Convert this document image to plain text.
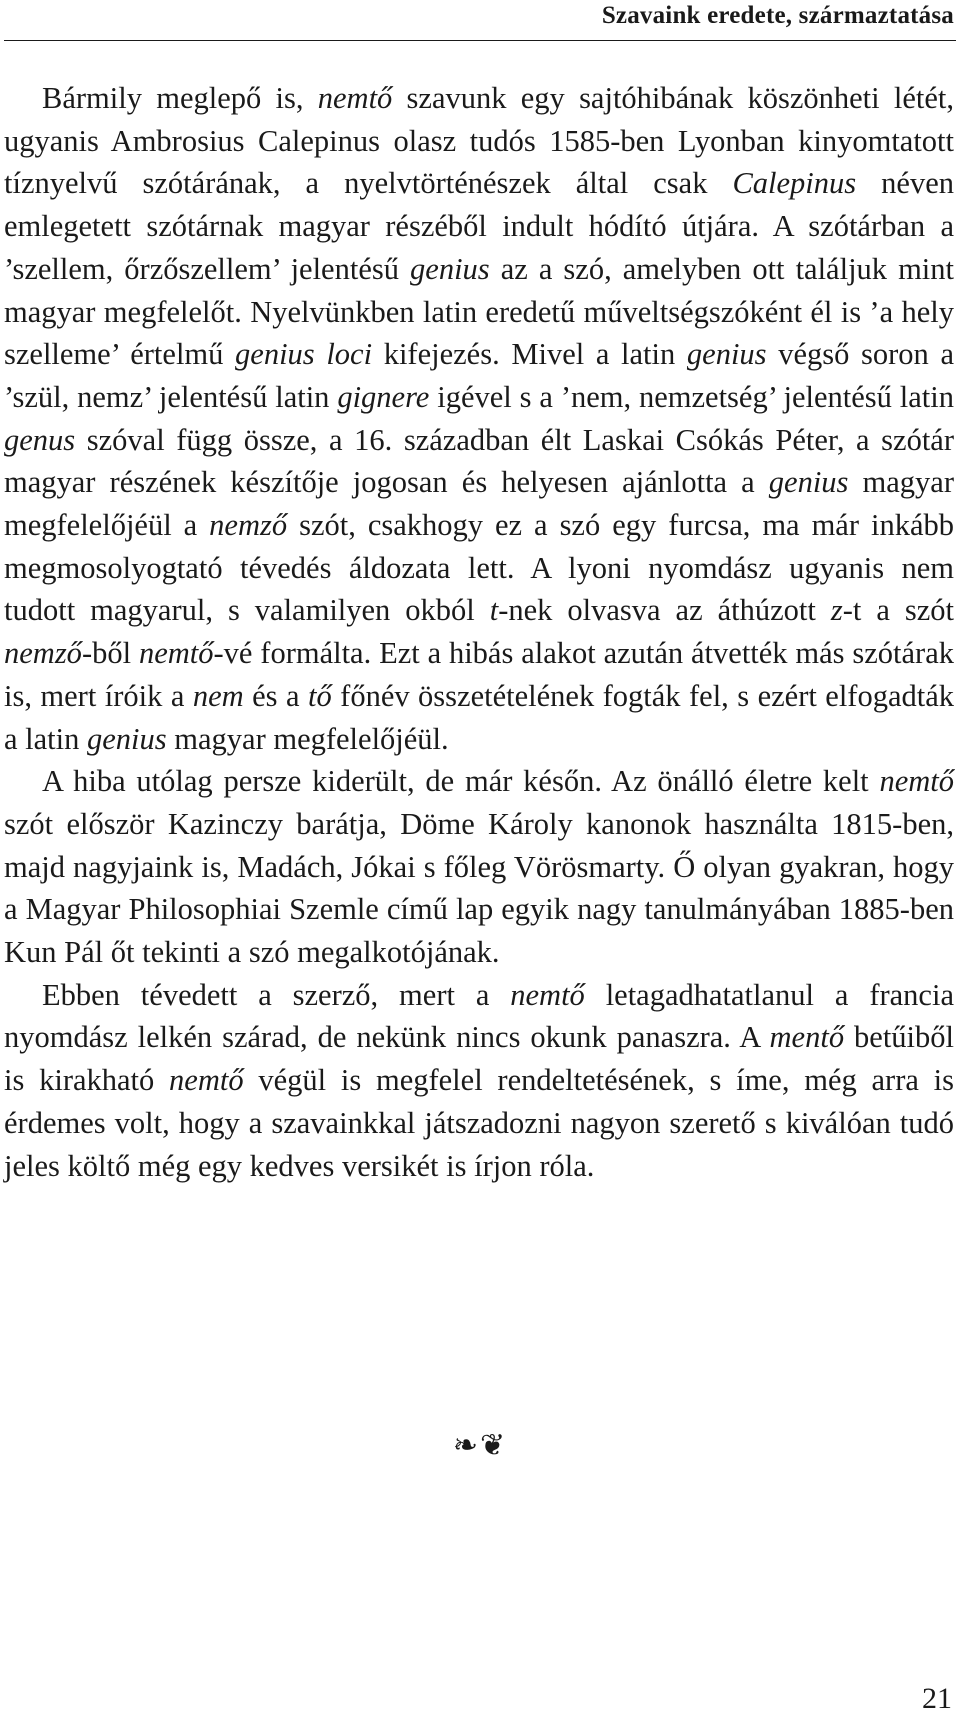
Szavaink eredete, származtatása

Bármily meglepő is, nemtő szavunk egy sajtóhibának köszönheti létét, ugyanis Ambrosius Calepinus olasz tudós 1585-ben Lyonban kinyomtatott tíznyelvű szótárának, a nyelvtörténészek által csak Calepinus néven emlegetett szótárnak magyar részéből indult hódító útjára. A szótárban a ’szellem, őrzőszellem’ jelentésű genius az a szó, amelyben ott találjuk mint magyar megfelelőt. Nyelvünkben latin eredetű műveltségszóként él is ’a hely szelleme’ értelmű genius loci kifejezés. Mivel a latin genius végső soron a ’szül, nemz’ jelentésű latin gignere igével s a ’nem, nemzetség’ jelentésű latin genus szóval függ össze, a 16. században élt Laskai Csókás Péter, a szótár magyar részének készítője jogosan és helyesen ajánlotta a genius magyar megfelelőjéül a nemző szót, csakhogy ez a szó egy furcsa, ma már inkább megmosolyogtató tévedés áldozata lett. A lyoni nyomdász ugyanis nem tudott magyarul, s valamilyen okból t-nek olvasva az áthúzott z-t a szót nemző-ből nemtő-vé formálta. Ezt a hibás alakot azután átvették más szótárak is, mert íróik a nem és a tő főnév összetételének fogták fel, s ezért elfogadták a latin genius magyar megfelelőjéül.

A hiba utólag persze kiderült, de már későn. Az önálló életre kelt nemtő szót először Kazinczy barátja, Döme Károly kanonok használta 1815-ben, majd nagyjaink is, Madách, Jókai s főleg Vörösmarty. Ő olyan gyakran, hogy a Magyar Philosophiai Szemle című lap egyik nagy tanulmányában 1885-ben Kun Pál őt tekinti a szó megalkotójának.

Ebben tévedett a szerző, mert a nemtő letagadhatatlanul a francia nyomdász lelkén szárad, de nekünk nincs okunk panaszra. A mentő betűiből is kirakható nemtő végül is megfelel rendeltetésének, s íme, még arra is érdemes volt, hogy a szavainkkal játszadozni nagyon szerető s kiválóan tudó jeles költő még egy kedves versikét is írjon róla.

❧❦
21
